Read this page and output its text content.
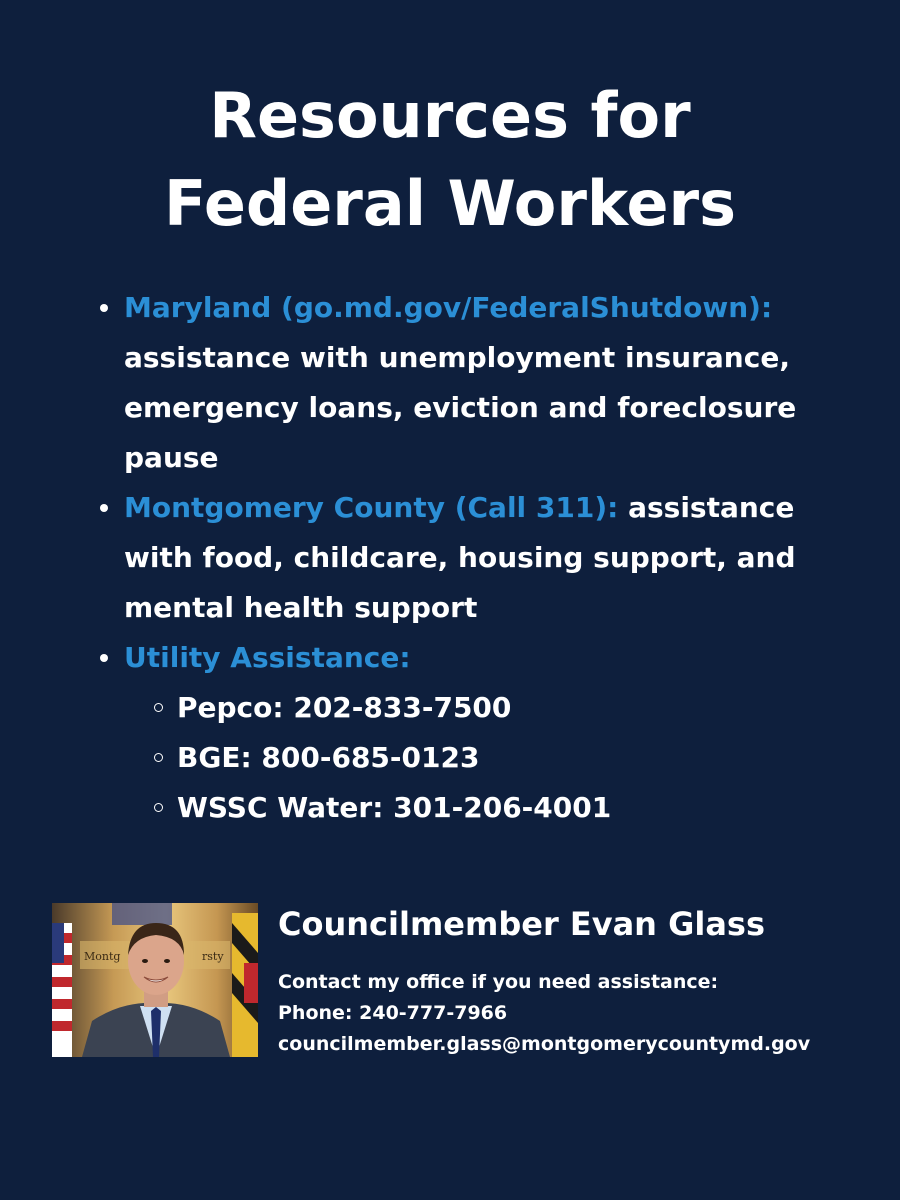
Resources for
Federal Workers
Maryland (go.md.gov/FederalShutdown): assistance with unemployment insurance, emergency loans, eviction and foreclosure pause
Montgomery County (Call 311): assistance with food, childcare, housing support, and mental health support
Utility Assistance:
Pepco: 202-833-7500
BGE: 800-685-0123
WSSC Water: 301-206-4001
Montg	rsty
Councilmember Evan Glass
Contact my office if you need assistance:
Phone: 240-777-7966
councilmember.glass@montgomerycountymd.gov
